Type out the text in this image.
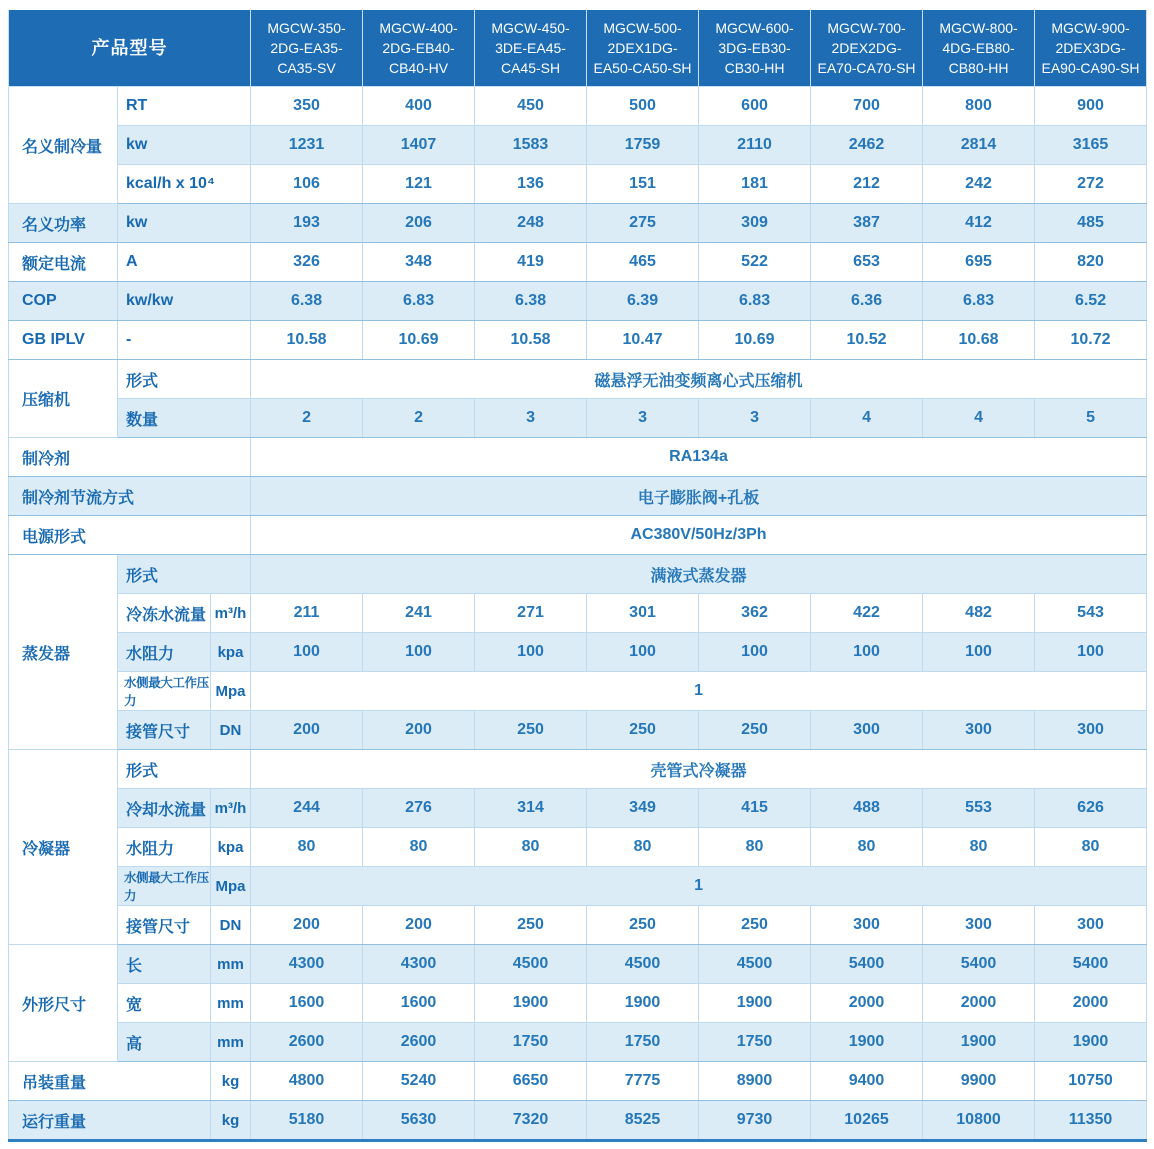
产品型号			MGCW-350-2DG-EA35-CA35-SV	MGCW-400-2DG-EB40-CB40-HV	MGCW-450-3DE-EA45-CA45-SH	MGCW-500-2DEX1DG-EA50-CA50-SH	MGCW-600-3DG-EB30-CB30-HH	MGCW-700-2DEX2DG-EA70-CA70-SH	MGCW-800-4DG-EB80-CB80-HH	MGCW-900-2DEX3DG-EA90-CA90-SH
名义制冷量	RT		350	400	450	500	600	700	800	900
	kw		1231	1407	1583	1759	2110	2462	2814	3165
	kcal/h x 10⁴		106	121	136	151	181	212	242	272
名义功率	kw		193	206	248	275	309	387	412	485
额定电流	A		326	348	419	465	522	653	695	820
COP	kw/kw		6.38	6.83	6.38	6.39	6.83	6.36	6.83	6.52
GB IPLV	-		10.58	10.69	10.58	10.47	10.69	10.52	10.68	10.72
压缩机	形式		磁悬浮无油变频离心式压缩机							
	数量		2	2	3	3	3	4	4	5
制冷剂			RA134a							
制冷剂节流方式			电子膨胀阀+孔板							
电源形式			AC380V/50Hz/3Ph							
蒸发器	形式		满液式蒸发器							
	冷冻水流量	m³/h	211	241	271	301	362	422	482	543
	水阻力	kpa	100	100	100	100	100	100	100	100
	水侧最大工作压力	Mpa	1							
	接管尺寸	DN	200	200	250	250	250	300	300	300
冷凝器	形式		壳管式冷凝器							
	冷却水流量	m³/h	244	276	314	349	415	488	553	626
	水阻力	kpa	80	80	80	80	80	80	80	80
	水侧最大工作压力	Mpa	1							
	接管尺寸	DN	200	200	250	250	250	300	300	300
外形尺寸	长	mm	4300	4300	4500	4500	4500	5400	5400	5400
	宽	mm	1600	1600	1900	1900	1900	2000	2000	2000
	高	mm	2600	2600	1750	1750	1750	1900	1900	1900
吊装重量		kg	4800	5240	6650	7775	8900	9400	9900	10750
运行重量		kg	5180	5630	7320	8525	9730	10265	10800	11350
